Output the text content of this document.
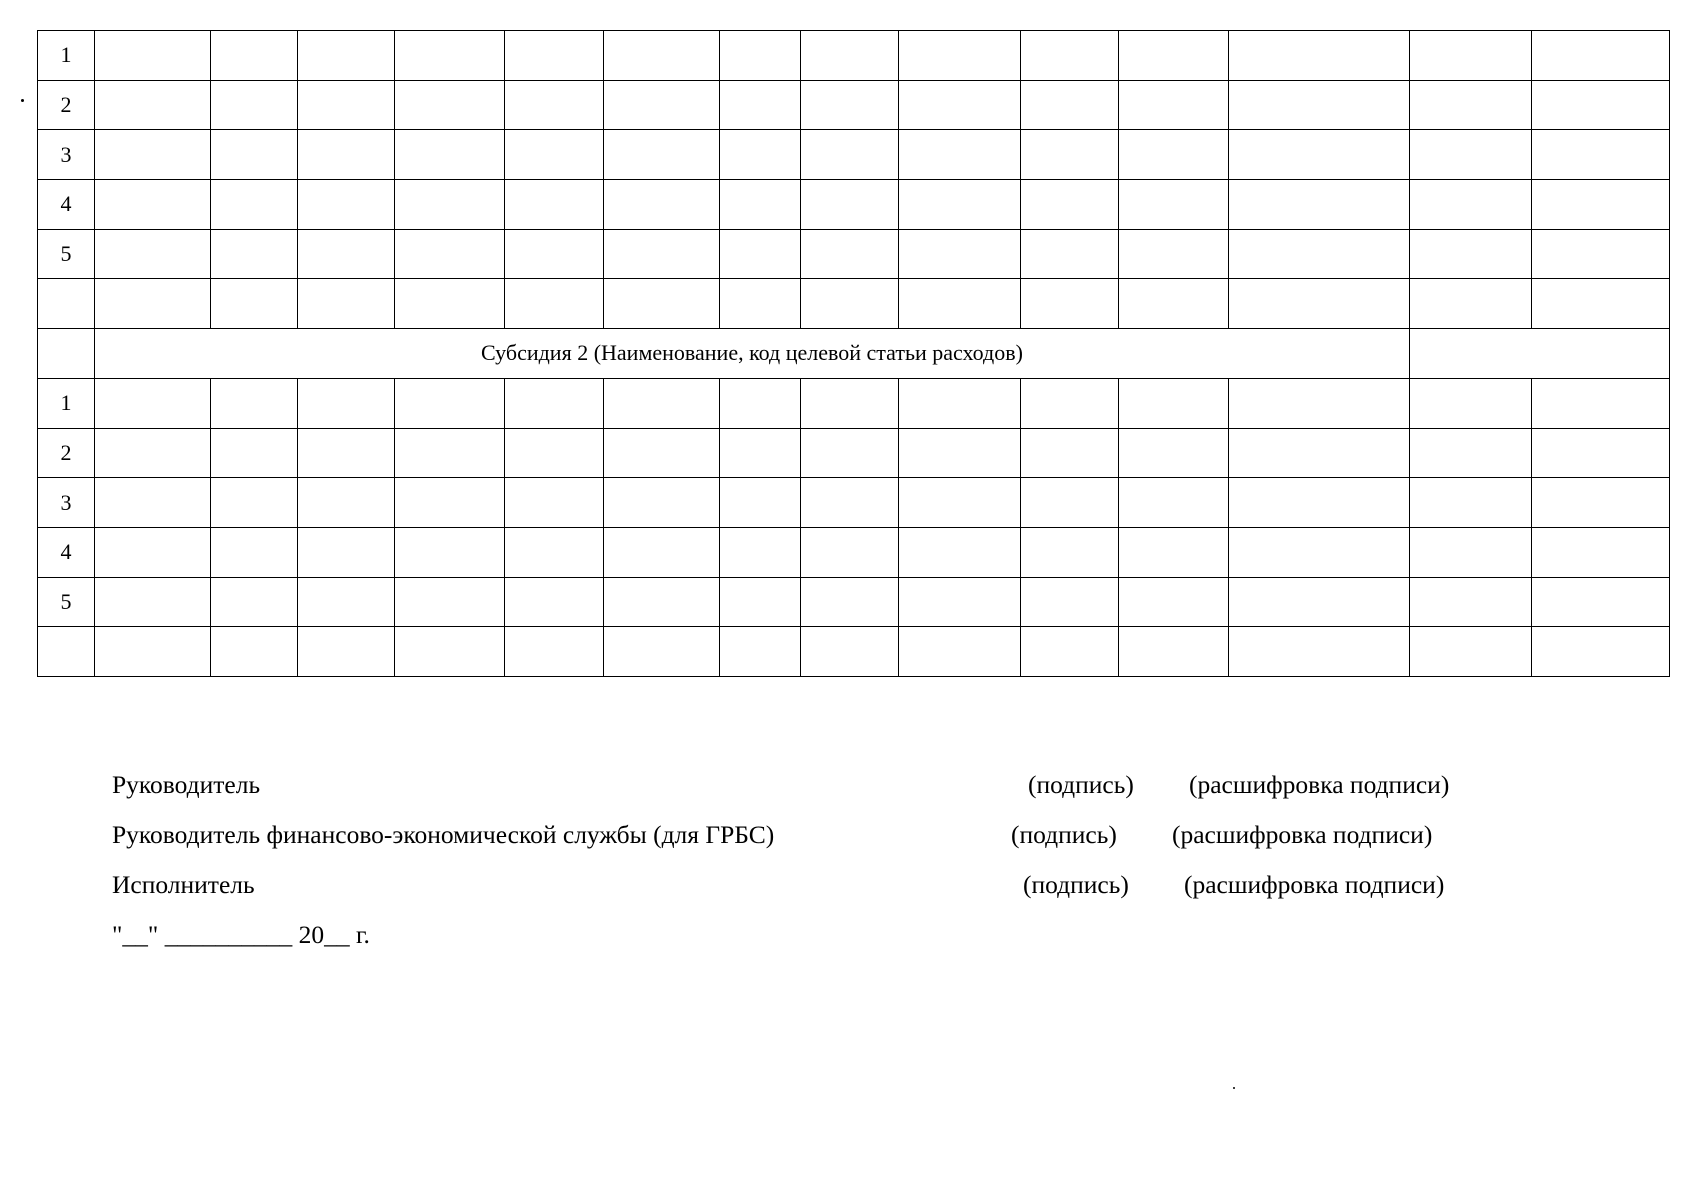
1														
2														
3														
4														
5														

	Субсидия 2 (Наименование, код целевой статьи расходов)													
1														
2														
3														
4														
5														

Руководитель	(подпись) (расшифровка подписи)
Руководитель финансово-экономической службы (для ГРБС)	(подпись) (расшифровка подписи)
Исполнитель	(подпись) (расшифровка подписи)
"__" __________ 20__ г.
